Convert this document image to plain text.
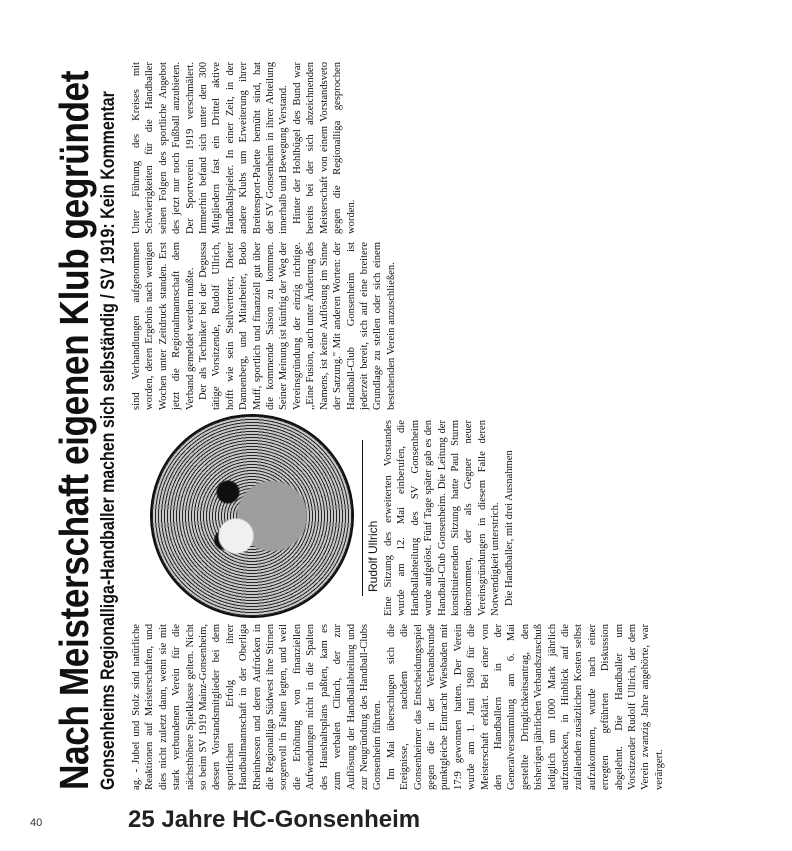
Nach Meisterschaft eigenen Klub gegründet Gonsenheims Regionalliga-Handballer machen sich selbständig / SV 1919: Kein Kommentar ag. - Jubel und Stolz sind natürliche Reaktionen auf Meisterschaften, und dies nicht zuletzt dann, wenn sie mit stark verbundenen Verein für die nächsthöhere Spielklasse gelten. Nicht so beim SV 1919 Mainz-Gonsenheim, dessen Vorstandsmitglieder bei dem sportlichen Erfolg ihrer Handballmannschaft in der Oberliga Rheinhessen und deren Aufrücken in die Regionalliga Südwest ihre Stirnen sorgenvoll in Falten legten, und weil die Erhöhung von finanziellen Aufwendungen nicht in die Spalten des Haushaltsplans paßten, kam es zum verbalen Clinch, der zur Auflösung der Handballabteilung und zur Neugründung des Handball-Clubs Gonsenheim führten. Im Mai überschlugen sich die Ereignisse, nachdem die Gonsenheimer das Entscheidungsspiel gegen die in der Verbandsrunde punktgleiche Eintracht Wiesbaden mit 17:9 gewonnen hatten. Der Verein wurde am 1. Juni 1980 für die Meisterschaft erklärt. Bei einer von den Handballern in der Generalversammlung am 6. Mai gestellte Dringlichkeitsantrag, den bisherigen jährlichen Verbandszuschuß lediglich um 1000 Mark jährlich aufzustocken, in Hinblick auf die zufallenden zusätzlichen Kosten selbst aufzukommen, wurde nach einer erregten geführten Diskussion abgelehnt. Die Handballer um Vorsitzender Rudolf Ullrich, der dem Verein zwanzig Jahre angehörte, war verärgert.

Rudolf Ullrich Eine Sitzung des erweiterten Vorstandes wurde am 12. Mai einberufen, die Handballabteilung des SV Gonsenheim wurde aufgelöst. Fünf Tage später gab es den Handball-Club Gonsenheim. Die Leitung der konstituierenden Sitzung hatte Paul Sturm übernommen, der als Gegner neuer Vereinsgründungen in diesem Falle deren Notwendigkeit unterstrich. Die Handballer, mit drei Ausnahmen

sind Verhandlungen aufgenommen worden, deren Ergebnis nach wenigen Wochen unter Zeitdruck standen. Erst jetzt die Regionalmannschaft dem Verband gemeldet werden mußte. Der als Techniker bei der Degussa tätige Vorsitzende, Rudolf Ullrich, hofft wie sein Stellvertreter, Dieter Dannenberg, und Mitarbeiter, Bodo Muff, sportlich und finanziell gut über die kommende Saison zu kommen. Seiner Meinung ist künftig der Weg der Vereinsgründung der einzig richtige. ,,Eine Fusion, auch unter Änderung des Namens, ist keine Auflösung im Sinne der Satzung." Mit anderen Worten: der Handball-Club Gonsenheim ist jederzeit bereit, sich auf eine breitere Grundlage zu stellen oder sich einem bestehenden Verein anzuschließen.

Unter Führung des Kreises mit Schwierigkeiten für die Handballer seinen Folgen des sportliche Angebot des jetzt nur noch Fußball anzubieten. Der Sportverein 1919 verschmälert. Immerhin befand sich unter den 300 Mitgliedern fast ein Drittel aktive Handballspieler. In einer Zeit, in der andere Klubs um Erweiterung ihrer Breitensport-Palette bemüht sind, hat der SV Gonsenheim in ihrer Abteilung innerhalb und Bewegung Verstand. Hinter der Hohlbügel des Bund war bereits bei der sich abzeichnenden Meisterschaft von einem Vorstandsveto gegen die Regionalliga gesprochen worden.

40	25 Jahre HC-Gonsenheim
